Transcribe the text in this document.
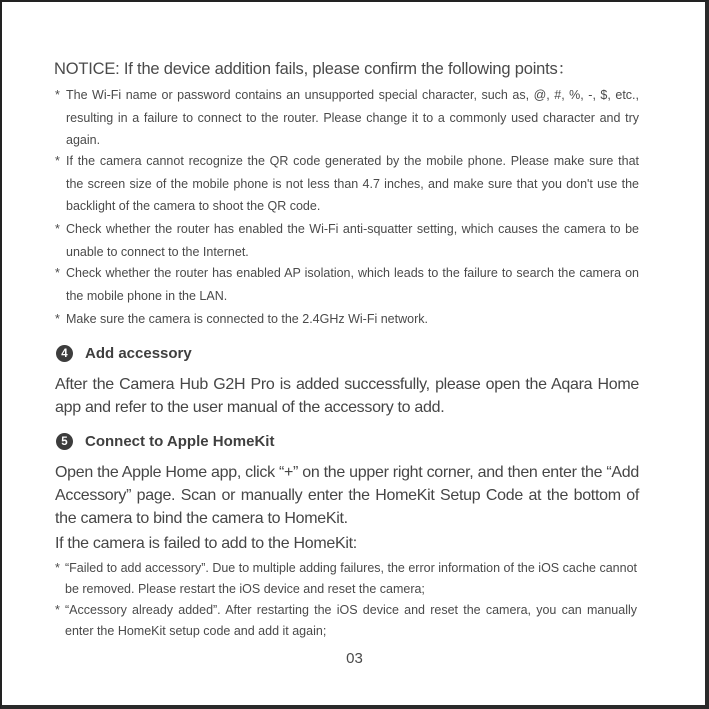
NOTICE: If the device addition fails, please confirm the following points：
* The Wi-Fi name or password contains an unsupported special character, such as, @, #, %, -, $, etc., resulting in a failure to connect to the router. Please change it to a commonly used character and try again.
* If the camera cannot recognize the QR code generated by the mobile phone. Please make sure that the screen size of the mobile phone is not less than 4.7 inches, and make sure that you don't use the backlight of the camera to shoot the QR code.
* Check whether the router has enabled the Wi-Fi anti-squatter setting, which causes the camera to be unable to connect to the Internet.
* Check whether the router has enabled AP isolation, which leads to the failure to search the camera on the mobile phone in the LAN.
* Make sure the camera is connected to the 2.4GHz Wi-Fi network.
4	Add accessory
After the Camera Hub G2H Pro is added successfully, please open the Aqara Home app and refer to the user manual of the accessory to add.
5	Connect to Apple HomeKit
Open the Apple Home app, click “+” on the upper right corner, and then enter the “Add Accessory” page. Scan or manually enter the HomeKit Setup Code at the bottom of the camera to bind the camera to HomeKit.
If the camera is failed to add to the HomeKit:
* “Failed to add accessory”. Due to multiple adding failures, the error information of the iOS cache cannot be removed. Please restart the iOS device and reset the camera;
* “Accessory already added”. After restarting the iOS device and reset the camera, you can manually enter the HomeKit setup code and add it again;
03
